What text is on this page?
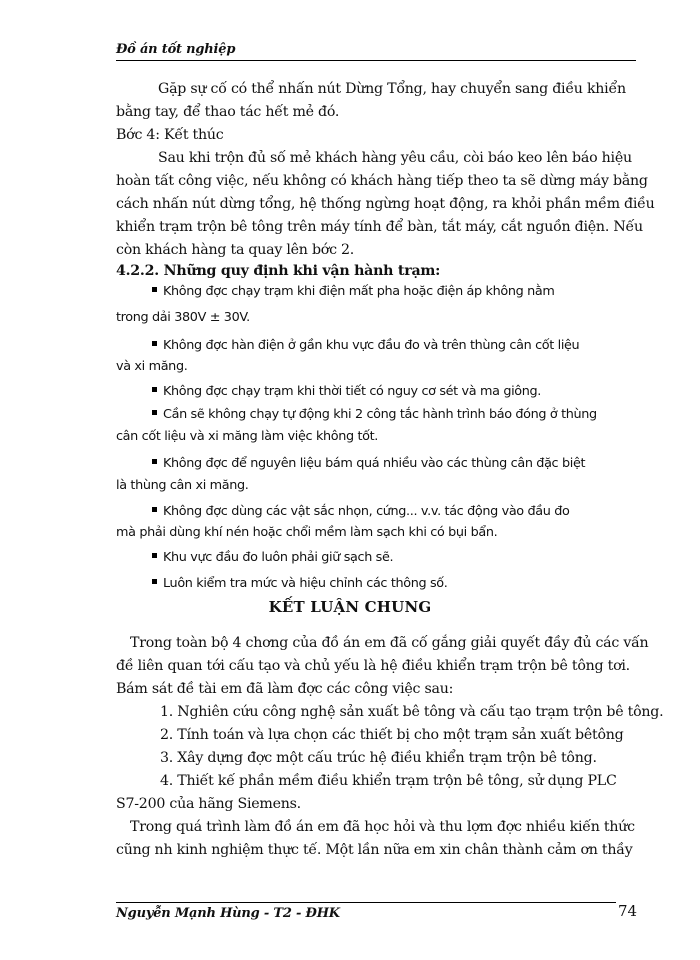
Đồ án tốt nghiệp
Gặp sự cố có thể nhấn nút Dừng Tổng, hay chuyển sang điều khiển
bằng tay, để thao tác hết mẻ đó.
Bớc 4: Kết thúc
Sau khi trộn đủ số mẻ khách hàng yêu cầu, còi báo keo lên báo hiệu
hoàn tất công việc, nếu không có khách hàng tiếp theo ta sẽ dừng máy bằng
cách nhấn nút dừng tổng, hệ thống ngừng hoạt động, ra khỏi phần mềm điều
khiển trạm trộn bê tông trên máy tính để bàn, tắt máy, cắt nguồn điện. Nếu
còn khách hàng ta quay lên bớc 2.
4.2.2. Những quy định khi vận hành trạm:
Không đợc chạy trạm khi điện mất pha hoặc điện áp không nằm
trong dải 380V ± 30V.
Không đợc hàn điện ở gần khu vực đầu đo và trên thùng cân cốt liệu
và xi măng.
Không đợc chạy trạm khi thời tiết có nguy cơ sét và ma giông.
Cần sẽ không chạy tự động khi 2 công tắc hành trình báo đóng ở thùng
cân cốt liệu và xi măng làm việc không tốt.
Không đợc để nguyên liệu bám quá nhiều vào các thùng cân đặc biệt
là thùng cân xi măng.
Không đợc dùng các vật sắc nhọn, cứng... v.v. tác động vào đầu đo
mà phải dùng khí nén hoặc chổi mềm làm sạch khi có bụi bẩn.
Khu vực đầu đo luôn phải giữ sạch sẽ.
Luôn kiểm tra mức và hiệu chỉnh các thông số.
KẾT LUẬN CHUNG
Trong toàn bộ 4 chơng của đồ án em đã cố gắng giải quyết đầy đủ các vấn
đề liên quan tới cấu tạo và chủ yếu là hệ điều khiển trạm trộn bê tông tơi.
Bám sát đề tài em đã làm đợc các công việc sau:
1. Nghiên cứu công nghệ sản xuất bê tông và cấu tạo trạm trộn bê tông.
2. Tính toán và lựa chọn các thiết bị cho một trạm sản xuất bêtông
3. Xây dựng đợc một cấu trúc hệ điều khiển trạm trộn bê tông.
4. Thiết kế phần mềm điều khiển trạm trộn bê tông, sử dụng PLC
S7-200 của hãng Siemens.
Trong quá trình làm đồ án em đã học hỏi và thu lợm đợc nhiều kiến thức
cũng nh kinh nghiệm thực tế. Một lần nữa em xin chân thành cảm ơn thầy
Nguyễn Mạnh Hùng - T2 - ĐHK	74
